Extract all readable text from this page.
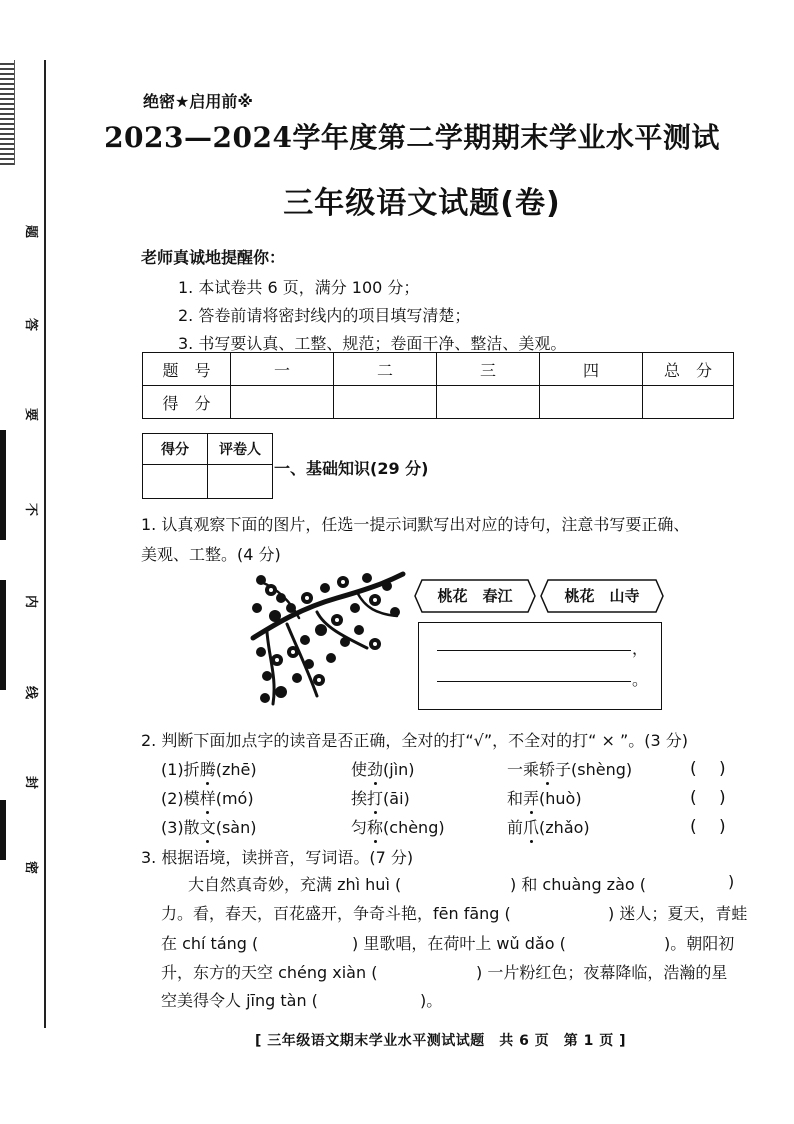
题
答
要
不
内
线
封
密
绝密★启用前※
2023—2024学年度第二学期期末学业水平测试
三年级语文试题(卷)
老师真诚地提醒你：
1. 本试卷共 6 页，满分 100 分；
2. 答卷前请将密封线内的项目填写清楚；
3. 书写要认真、工整、规范；卷面干净、整洁、美观。
题　号	一	二	三	四	总　分
得　分					
得分	评卷人

一、基础知识(29 分)
1. 认真观察下面的图片，任选一提示词默写出对应的诗句，注意书写要正确、
美观、工整。(4 分)
桃花　春江	桃花　山寺
，
。
2. 判断下面加点字的读音是否正确，全对的打“√”，不全对的打“ × ”。(3 分)
(1)折腾(zhē)	使劲(jìn)	一乘轿子(shèng)	(　 )
(2)模样(mó)	挨打(āi)	和弄(huò)	(　 )
(3)散文(sàn)	匀称(chèng)	前爪(zhǎo)	(　 )
3. 根据语境，读拼音，写词语。(7 分)
大自然真奇妙，充满 zhì huì (	) 和 chuàng zào (	)
力。看，春天，百花盛开，争奇斗艳，fēn fāng (	) 迷人；夏天，青蛙
在 chí táng (	) 里歌唱，在荷叶上 wǔ dǎo (	)。朝阳初
升，东方的天空 chéng xiàn (	) 一片粉红色；夜幕降临，浩瀚的星
空美得令人 jīng tàn (	)。
[ 三年级语文期末学业水平测试试题　共 6 页　第 1 页 ]
